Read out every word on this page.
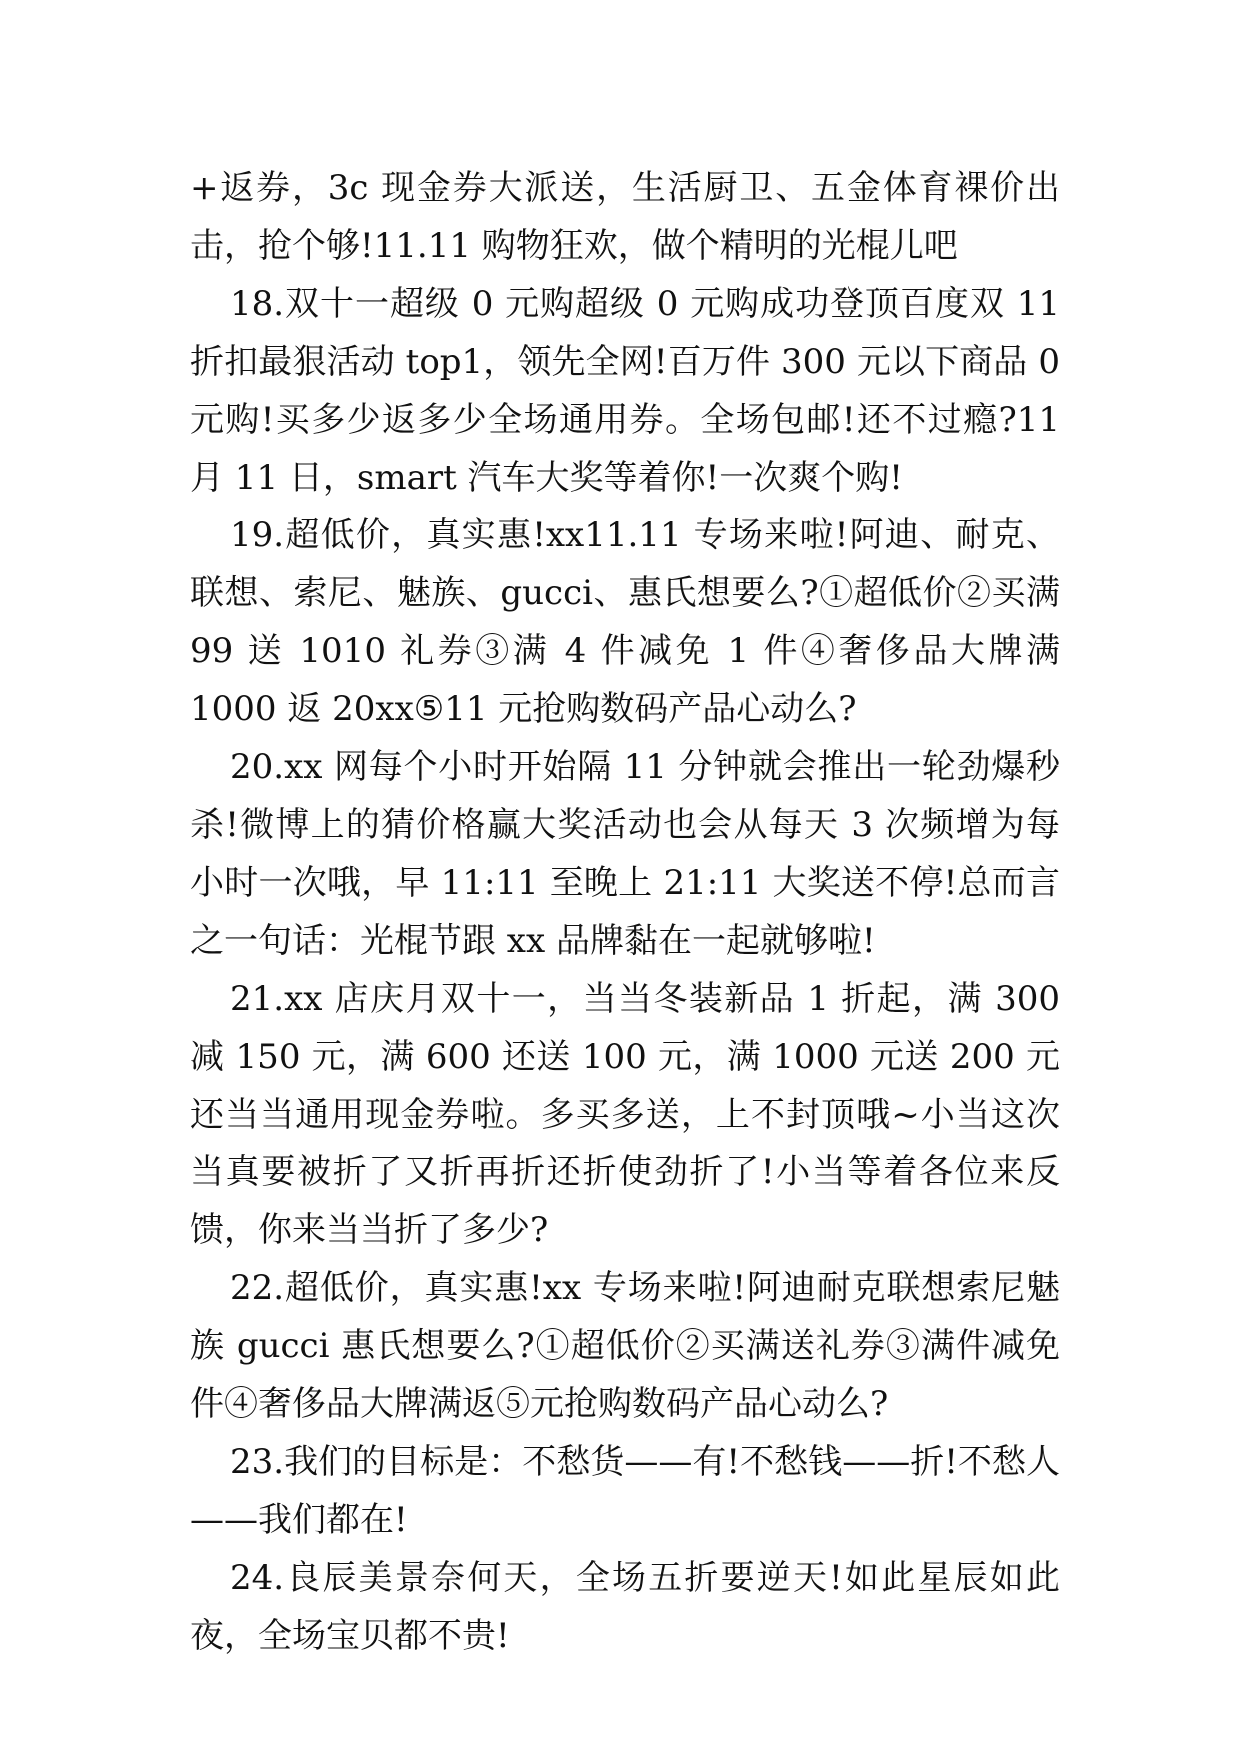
+返券，3c 现金券大派送，生活厨卫、五金体育裸价出击，抢个够!11.11 购物狂欢，做个精明的光棍儿吧

18.双十一超级 0 元购超级 0 元购成功登顶百度双 11 折扣最狠活动 top1，领先全网!百万件 300 元以下商品 0 元购!买多少返多少全场通用券。全场包邮!还不过瘾?11 月 11 日，smart 汽车大奖等着你!一次爽个购!

19.超低价，真实惠!xx11.11 专场来啦!阿迪、耐克、联想、索尼、魅族、gucci、惠氏想要么?①超低价②买满 99 送 1010 礼券③满 4 件减免 1 件④奢侈品大牌满 1000 返 20xx⑤11 元抢购数码产品心动么?

20.xx 网每个小时开始隔 11 分钟就会推出一轮劲爆秒杀!微博上的猜价格赢大奖活动也会从每天 3 次频增为每小时一次哦，早 11:11 至晚上 21:11 大奖送不停!总而言之一句话：光棍节跟 xx 品牌黏在一起就够啦!

21.xx 店庆月双十一，当当冬装新品 1 折起，满 300 减 150 元，满 600 还送 100 元，满 1000 元送 200 元还当当通用现金券啦。多买多送，上不封顶哦~小当这次当真要被折了又折再折还折使劲折了!小当等着各位来反馈，你来当当折了多少?

22.超低价，真实惠!xx 专场来啦!阿迪耐克联想索尼魅族 gucci 惠氏想要么?①超低价②买满送礼券③满件减免件④奢侈品大牌满返⑤元抢购数码产品心动么?

23.我们的目标是：不愁货——有!不愁钱——折!不愁人——我们都在!

24.良辰美景奈何天，全场五折要逆天!如此星辰如此夜，全场宝贝都不贵!
